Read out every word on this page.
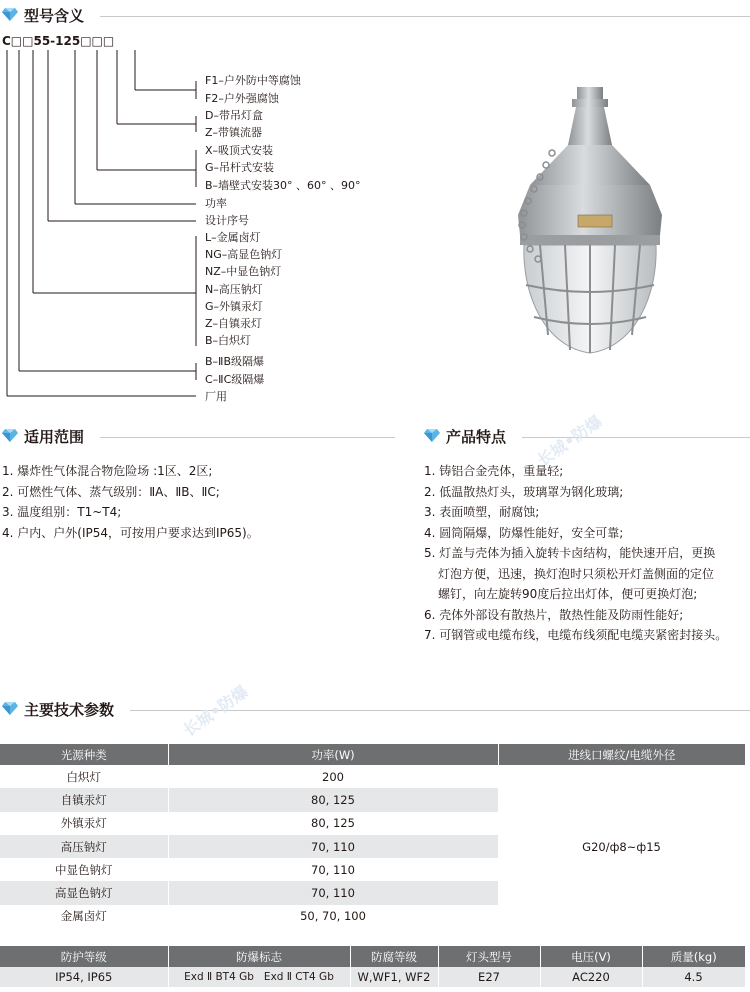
型号含义
C□□55-125□□□
F1–户外防中等腐蚀
F2–户外强腐蚀
D–带吊灯盒
Z–带镇流器
X–吸顶式安装
G–吊杆式安装
B–墙壁式安装30° 、60° 、90°
功率
设计序号
L–金属卤灯
NG–高显色钠灯
NZ–中显色钠灯
N–高压钠灯
G–外镇汞灯
Z–自镇汞灯
B–白炽灯
B–ⅡB级隔爆
C–ⅡC级隔爆
厂用
适用范围
1. 爆炸性气体混合物危险场 :1区、2区;
2. 可燃性气体、蒸气级别：ⅡA、ⅡB、ⅡC;
3. 温度组别：T1~T4;
4. 户内、户外(IP54，可按用户要求达到IP65)。
产品特点 长城•防爆
1. 铸铝合金壳体，重量轻;
2. 低温散热灯头，玻璃罩为钢化玻璃;
3. 表面喷塑，耐腐蚀;
4. 圆筒隔爆，防爆性能好，安全可靠;
5. 灯盖与壳体为插入旋转卡卤结构，能快速开启，更换
灯泡方便，迅速，换灯泡时只须松开灯盖侧面的定位
螺钉，向左旋转90度后拉出灯体，便可更换灯泡;
6. 壳体外部设有散热片，散热性能及防雨性能好;
7. 可钢管或电缆布线，电缆布线须配电缆夹紧密封接头。
主要技术参数	长城•防爆
光源种类	功率(W)	进线口螺纹/电缆外径
白炽灯	200	G20/ф8~ф15
自镇汞灯	80, 125	
外镇汞灯	80, 125	
高压钠灯	70, 110	
中显色钠灯	70, 110	
高显色钠灯	70, 110	
金属卤灯	50, 70, 100	
防护等级	防爆标志	防腐等级	灯头型号	电压(V)	质量(kg)
IP54, IP65	Exd Ⅱ BT4 Gb   Exd Ⅱ CT4 Gb	W,WF1, WF2	E27	AC220	4.5
